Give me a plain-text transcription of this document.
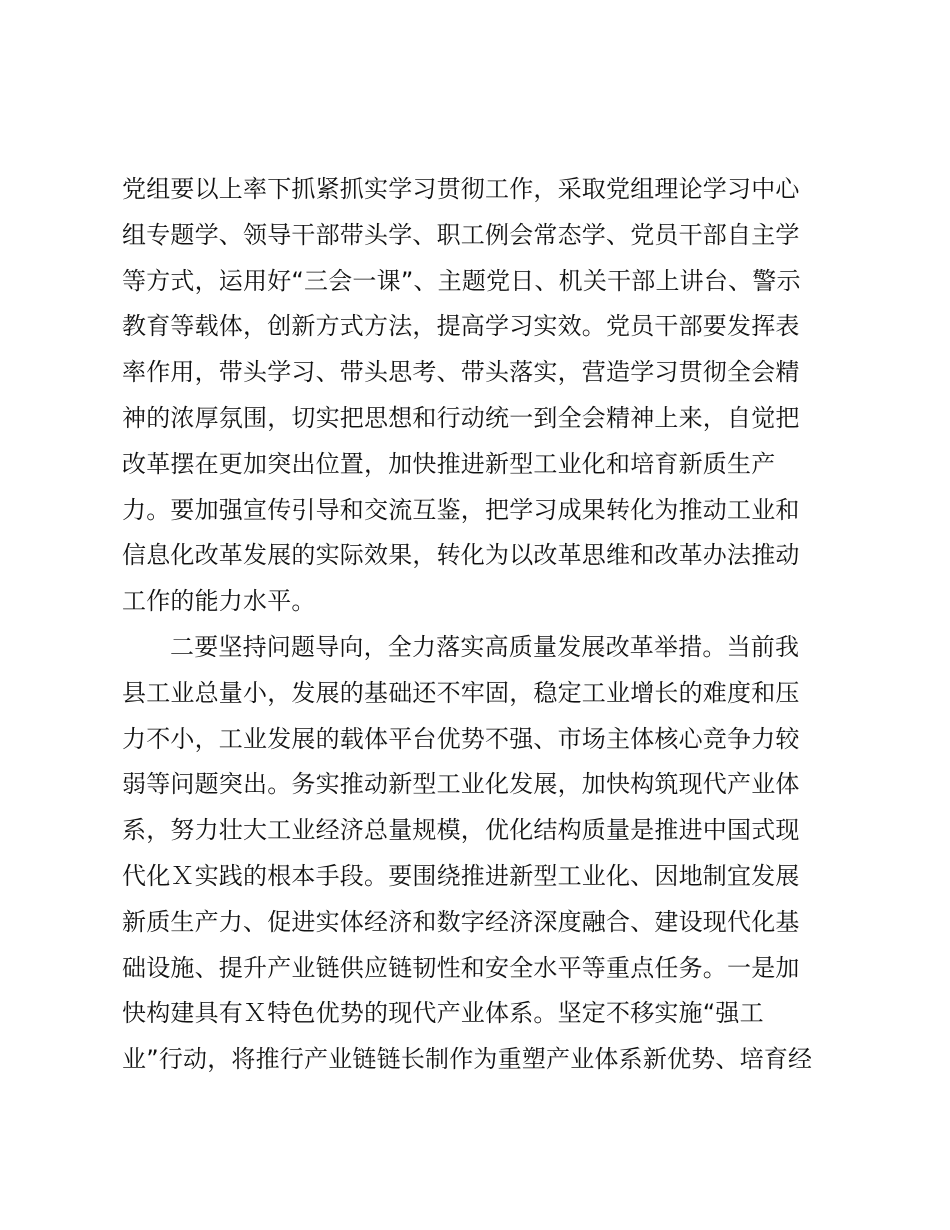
党组要以上率下抓紧抓实学习贯彻工作，采取党组理论学习中心
组专题学、领导干部带头学、职工例会常态学、党员干部自主学
等方式，运用好“三会一课”、主题党日、机关干部上讲台、警示
教育等载体，创新方式方法，提高学习实效。党员干部要发挥表
率作用，带头学习、带头思考、带头落实，营造学习贯彻全会精
神的浓厚氛围，切实把思想和行动统一到全会精神上来，自觉把
改革摆在更加突出位置，加快推进新型工业化和培育新质生产
力。要加强宣传引导和交流互鉴，把学习成果转化为推动工业和
信息化改革发展的实际效果，转化为以改革思维和改革办法推动
工作的能力水平。
二要坚持问题导向，全力落实高质量发展改革举措。当前我
县工业总量小，发展的基础还不牢固，稳定工业增长的难度和压
力不小，工业发展的载体平台优势不强、市场主体核心竞争力较
弱等问题突出。务实推动新型工业化发展，加快构筑现代产业体
系，努力壮大工业经济总量规模，优化结构质量是推进中国式现
代化Ｘ实践的根本手段。要围绕推进新型工业化、因地制宜发展
新质生产力、促进实体经济和数字经济深度融合、建设现代化基
础设施、提升产业链供应链韧性和安全水平等重点任务。一是加
快构建具有Ｘ特色优势的现代产业体系。坚定不移实施“强工
业”行动，将推行产业链链长制作为重塑产业体系新优势、培育经
